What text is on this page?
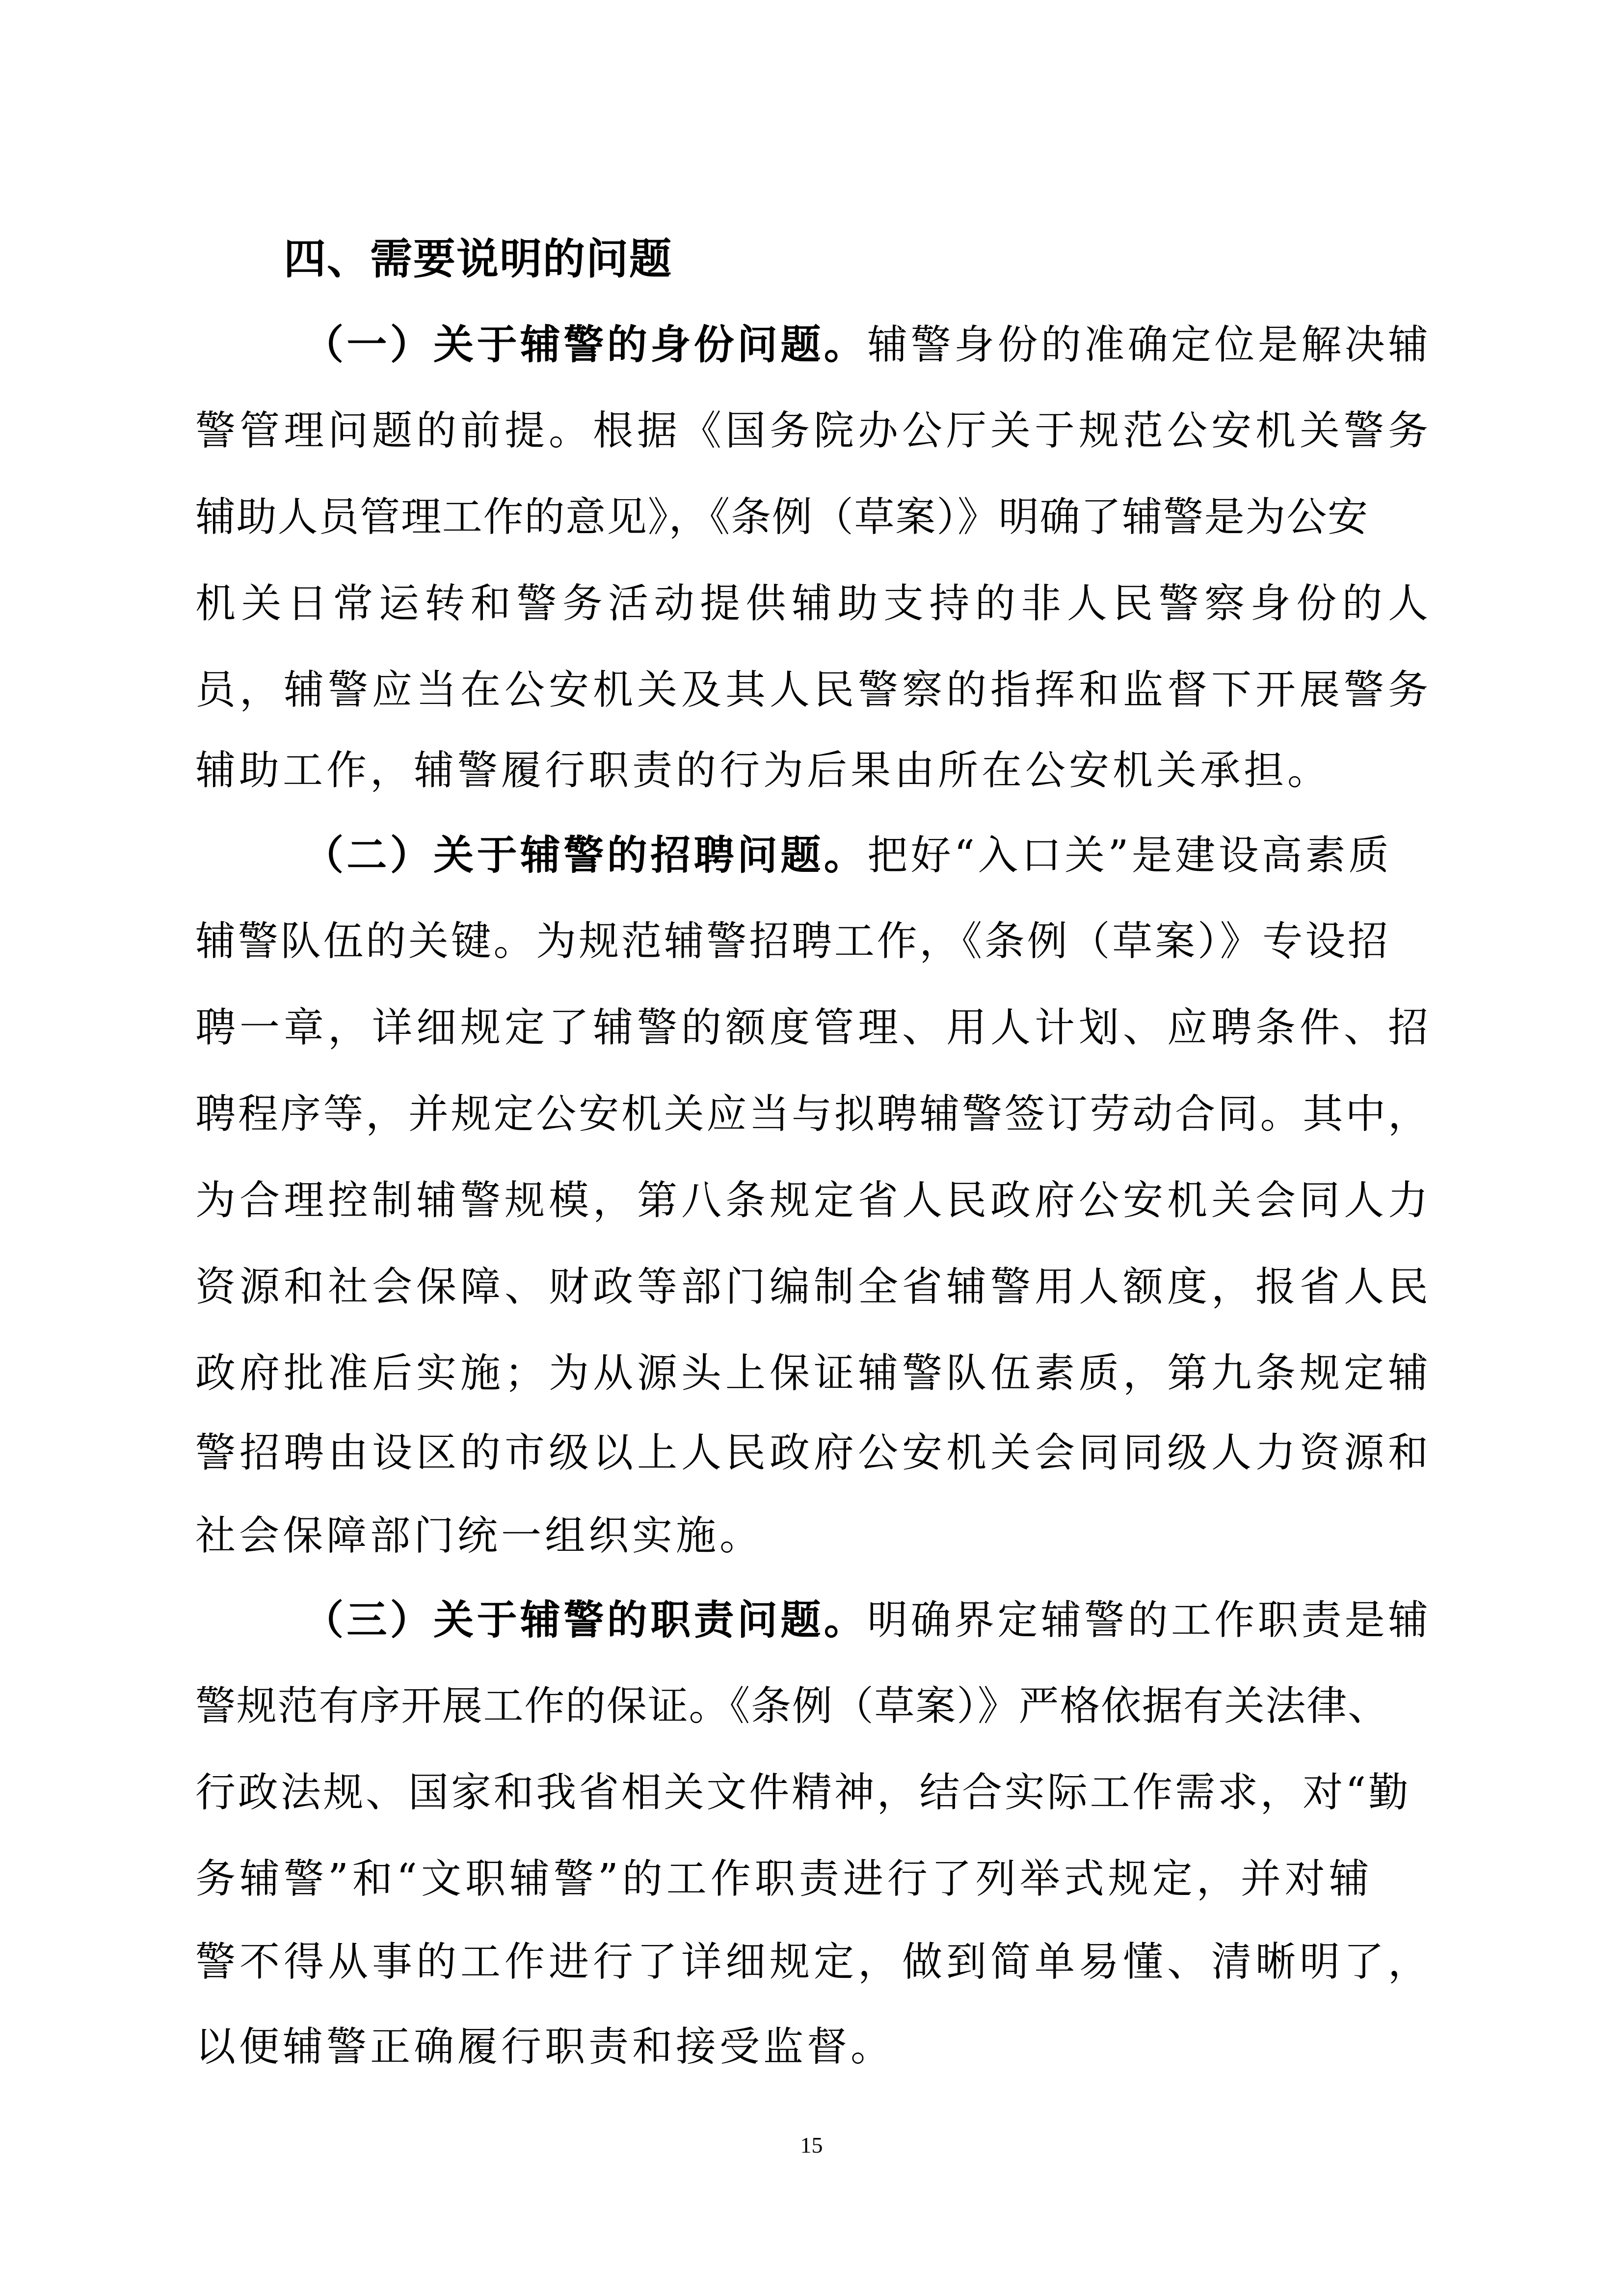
四、需要说明的问题
（一）关于辅警的身份问题。辅警身份的准确定位是解决辅
警管理问题的前提。根据《国务院办公厅关于规范公安机关警务
辅助人员管理工作的意见》，《条例（草案）》明确了辅警是为公安
机关日常运转和警务活动提供辅助支持的非人民警察身份的人
员，辅警应当在公安机关及其人民警察的指挥和监督下开展警务
辅助工作，辅警履行职责的行为后果由所在公安机关承担。
（二）关于辅警的招聘问题。把好“入口关”是建设高素质
辅警队伍的关键。为规范辅警招聘工作，《条例（草案）》专设招
聘一章，详细规定了辅警的额度管理、用人计划、应聘条件、招
聘程序等，并规定公安机关应当与拟聘辅警签订劳动合同。其中，
为合理控制辅警规模，第八条规定省人民政府公安机关会同人力
资源和社会保障、财政等部门编制全省辅警用人额度，报省人民
政府批准后实施；为从源头上保证辅警队伍素质，第九条规定辅
警招聘由设区的市级以上人民政府公安机关会同同级人力资源和
社会保障部门统一组织实施。
（三）关于辅警的职责问题。明确界定辅警的工作职责是辅
警规范有序开展工作的保证。《条例（草案）》严格依据有关法律、
行政法规、国家和我省相关文件精神，结合实际工作需求，对“勤
务辅警”和“文职辅警”的工作职责进行了列举式规定，并对辅
警不得从事的工作进行了详细规定，做到简单易懂、清晰明了，
以便辅警正确履行职责和接受监督。
15
